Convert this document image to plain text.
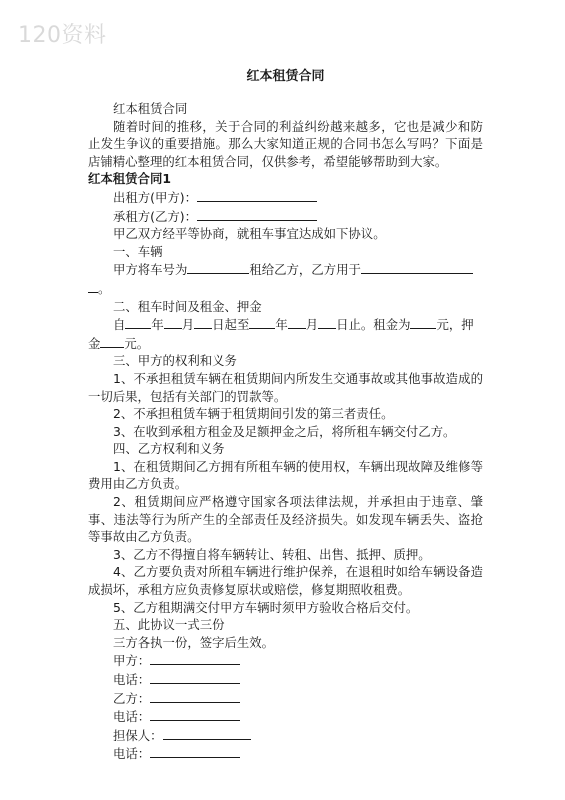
120资料
红本租赁合同

红本租赁合同

随着时间的推移，关于合同的利益纠纷越来越多，它也是减少和防止发生争议的重要措施。那么大家知道正规的合同书怎么写吗？下面是店铺精心整理的红本租赁合同，仅供参考，希望能够帮助到大家。

红本租赁合同1

出租方(甲方)：

承租方(乙方)：

甲乙双方经平等协商，就租车事宜达成如下协议。

一、车辆

甲方将车号为	租给乙方，乙方用于

。

二、租车时间及租金、押金

自 年 月 日起至 年 月 日止。租金为 元，押

金 元。

三、甲方的权利和义务

1、不承担租赁车辆在租赁期间内所发生交通事故或其他事故造成的一切后果，包括有关部门的罚款等。

2、不承担租赁车辆于租赁期间引发的第三者责任。

3、在收到承租方租金及足额押金之后，将所租车辆交付乙方。

四、乙方权利和义务

1、在租赁期间乙方拥有所租车辆的使用权，车辆出现故障及维修等费用由乙方负责。

2、租赁期间应严格遵守国家各项法律法规，并承担由于违章、肇事、违法等行为所产生的全部责任及经济损失。如发现车辆丢失、盗抢等事故由乙方负责。

3、乙方不得擅自将车辆转让、转租、出售、抵押、质押。

4、乙方要负责对所租车辆进行维护保养，在退租时如给车辆设备造成损坏，承租方应负责修复原状或赔偿，修复期照收租费。

5、乙方租期满交付甲方车辆时须甲方验收合格后交付。

五、此协议一式三份

三方各执一份，签字后生效。

甲方：

电话：

乙方：

电话：

担保人：

电话：
